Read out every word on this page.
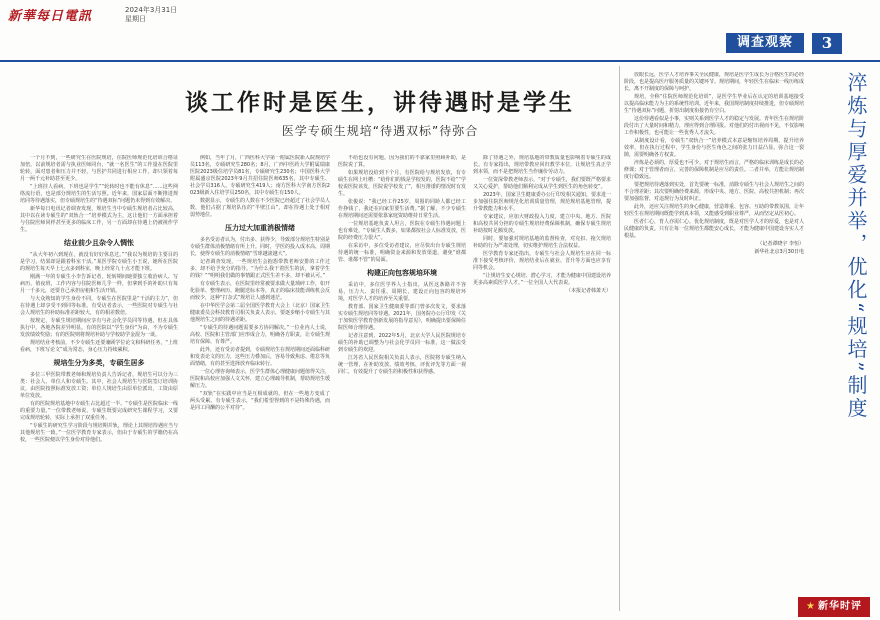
新華每日電訊	2024年3月31日
星期日
调查观察	3
谈工作时是医生，讲待遇时是学生
医学专硕生规培“待遇双标”待弥合

一个月不到，一些研究生在医院规培，住院医师规范化培训合格证加倍。以前规培者需与执业医师同台，“就一名医生”的工作量在医院里轮转，面对患者和压力并不轻，与医护共同进行相应工作，却只领着每月一两千元补助甚至更少。

“上班挂人看病，下班也是学生”“轮转时也不能有休息”……这些网络流行语，也是部分规培生的生活写照。近年来，国家层面不断推进规培同等待遇落实，但专硕规培生的“待遇双标”问题仍未得到有效解决。

新华每日电讯记者调查发现，规培生当中专硕生规培者占比较高，其中以在读专硕生的“双轨合一”培养模式为主，这让他们一方面承担着与住院医师同样甚至更多的临床工作，另一方面却在待遇上仍被视作学生。

结业前少且杂令人惆怅

“从大年初六到现在，就没有好好休息过。”“我以为规培的主要目的是学习，结果却是跟着科室干活。”某医学院专硕生小王说，她所在医院的规培生每天早上七点多到科室，晚上经常九十点才能下班。

刚满一年的专硕生小李告诉记者，轮转期间她要独立收治病人、写病历、值夜班，工作内容与住院医师几乎一样，但拿到手的补助只有每月一千多元，还要自己承担房租和生活开销。

与大众熟知的学生身份不同，专硕生在医院里是“干活的主力”，但在待遇上却享受不到同等标准。有受访者表示，一些医院对专硕生与社会人规培生的补助标准差距较大，有的相差数倍。

按规定，专硕生规培期间应享有与社会化学员同等待遇，但在具体执行中，各地各院差异明显。有的医院以“学生身份”为由，不为专硕生发放绩效奖励；有的医院则将规培补助与学校助学金混为一谈。

规培结业考核前，不少专硕生还要兼顾学位论文和科研任务，“上班看病，下班写论文”成为常态，身心压力持续累积。

规培生分为多类，专硕生居多

多位三甲医院带教老师和规培负责人告诉记者，规培生可以分为三类：社会人、单位人和专硕生。其中，社会人规培生与医院签订培训协议，由医院按照标准发放工资；单位人规培生由原单位派出，工资由原单位发放。

有的医院规培基地中专硕生占比超过一半。“专硕生是医院临床一线的重要力量。”一位带教老师说，专硕生既要完成研究生课程学习，又要完成规培轮转，实际上承担了双重任务。

“专硕生的研究生学习阶段与规培期并轨，理论上其规培待遇应当与其他规培生一致。”一位医学教育专家表示，但由于专硕生的学籍仍在高校，一些医院便以学生身份对待他们。

例如，当年了月，广西医科大学第一附属医院新入院规培学员113名，专硕研究生280名；8月，广西中医药大学附属瑞康医院2023级住培学员81名，专硕研究生230名；中国医科大学附属盛京医院2023年9月共招住院医师635名，其中专硕生、社会学员316人，专硕研究生419人；南方医科大学南方医院2023级新入住培学员250名，其中专硕生有150人。

数据显示，专硕生的人数在不少医院已经超过了社会学员人数，他们占据了规培队伍的“半壁江山”，却在待遇上处于相对弱势地位。

压力过大加重消极情绪

多名受访者认为，付出多、获得少，导致部分规培生特别是专硕生群体消极情绪有所上升。同时，学医的投入成本高、周期长，使得专硕生的消极情绪“雪球越滚越大”。

记者调查发现，一些规培生会抱怨带教老师安排的工作过多，却不给予充分的指导。“为什么我干着医生的活，拿着学生的钱？”“明明我们做的事情跟正式医生差不多，却不被认可。”

有专硕生表示，在医院里经常被要求做大量琐碎工作，如开化验单、整理病历、跑腿送标本等，真正的临床技能训练机会反而较少，这种“打杂式”规培让人感到迷茫。

在中华医学会第二届全国医学教育大会上（北京）国家卫生健康委员会科技教育司相关负责人表示，要逐步缩小专硕生与其他规培生之间的待遇差距。

“专硕生的待遇问题需要多方协同解决。”一位业内人士说，高校、医院和主管部门应形成合力，明确各方职责，让专硕生规培有保障、有尊严。

此外，还有受访者提到，专硕规培生在规培期间还面临科研和发表论文的压力，这些压力叠加后，容易导致焦虑、倦怠等负面情绪，有的甚至选择放弃临床转行。

一位心理咨询师表示，医学生群体心理健康问题值得关注，医院和高校应加强人文关怀，建立心理疏导机制，帮助规培生缓解压力。

“双轨”在实践中应当是互相成就的，但在一些地方变成了两头受累。有专硕生表示，“我们希望得到的不是特殊待遇，而是同工同酬的公平对待”。

不给也没有问题。因为我们的不靠家里照顾补助，是医院说了算。

如果规培没给到下个月，有医院给与规培发放，有专硕生在网上吐槽：“给你们的钱是学校发的，医院不给”“学校说医院该发，医院说学校发了”，相互推诿的情况时有发生。

张俊说：“我已经工作25岁，周围的同龄人都已经工作挣钱了，我还在向家里要生活费。”据了解，不少专硕生在规培期间还需要依靠家庭资助维持日常生活。

一位规培基地负责人坦言，医院在专硕生待遇问题上也有难处，“专硕生人数多，如果都按社会人标准发放，医院的经费压力很大”。

在采访中，多位受访者建议，应尽快出台专硕生规培待遇的统一标准，明确资金来源和发放渠道，避免“谁都管、谁都不管”的局面。

构建正向包容规培环境

采访中，多位医学界人士指出，从医这条路并不容易，压力大、责任重、周期长，建设正向包容的规培环境，对医学人才的培养至关重要。

教育部、国家卫生健康委等部门曾多次发文，要求落实专硕生规培同等待遇。2021年，国务院办公厅印发《关于加快医学教育创新发展的指导意见》，明确提出要保障住院医师合理待遇。

记者注意到，2022年5月，北京大学人民医院规培专硕生的补助已调整为与社会化学员同一标准，这一做法受到专硕生的欢迎。

江苏省人民医院相关负责人表示，医院将专硕生纳入统一管理，在补助发放、绩效考核、评优评先等方面一视同仁，有效提升了专硕生的积极性和获得感。

除了待遇之外，规培基地的带教质量也影响着专硕生的成长。有专家指出，规培带教应回归教学本位，让规培生真正学到本领，而不是把规培生当作廉价劳动力。

一位资深带教老师表示，“对于专硕生，我们要既严格要求又关心爱护，帮助他们顺利完成从学生到医生的角色转变”。

2023年，国家卫生健康委办公厅印发相关通知，要求进一步加强住院医师规范化培训质量管理，规范规培基地管理，提升带教能力和水平。

专家建议，应加大财政投入力度，建立中央、地方、医院和高校共同分担的专硕生规培经费保障机制，确保专硕生规培补助按时足额发放。

同时，要加强对规培基地的监督检查，对克扣、拖欠规培补助的行为严肃处理，切实维护规培生合法权益。

医学教育专家还指出，专硕生与社会人规培生应在同一标准下接受考核评价，规培结业后在就业、晋升等方面也应享有同等机会。

“让规培生安心规培、潜心学习，才能为健康中国建设培养更多高素质医学人才。”一位全国人大代表说。

（本报记者韩萧天）

放眼长远，医学人才培养事关全民健康，规培是医学生成长为合格医生的必经阶段，也是提高医疗服务质量的关键环节。规培期间，年轻医生在临床一线历练成长，离不开制度的保障与呵护。

规培，全称“住院医师规范化培训”，是医学生毕业后在认定的培训基地接受以提高临床能力为主的系统性培训。近年来，我国规培制度持续推进，但专硕规培生“待遇双标”问题，折射出制度衔接仍有空白。

这份待遇看似是小事，实则关系到医学人才的稳定与发展。青年医生在规培阶段付出了大量时间和精力，理应得到合理回报。对他们的付出视而不见，不仅影响工作积极性，也可能让一些优秀人才流失。

从制度设计看，专硕生“双轨合一”培养模式本意是缩短培养周期、提升培养效率，但在执行过程中，学生身份与医生角色之间的张力日益凸显。弥合这一裂隙，需要明确各方权责。

淬炼是必须的，厚爱也不可少。对于规培生而言，严格的临床训练是成长的必修课；对于管理者而言，完善的保障机制是应尽的责任。二者并举，方能让规培制度行稳致远。

要把规培待遇落到实处，首先要统一标准，消除专硕生与社会人规培生之间的不合理差距；其次要明确经费来源，形成中央、地方、医院、高校共担机制；再次要加强监督，对违规行为及时纠正。

此外，还应关注规培生的身心健康，营造尊重、包容、互助的带教氛围，让年轻医生在规培期间既能学到真本领，又能感受到职业尊严，从而坚定从医初心。

医者仁心，育人亦需仁心。优化规培制度，既是对医学人才的厚爱，也是对人民健康的负责。只有让每一位规培生都能安心成长，才能为健康中国建设夯实人才根基。

（记者谭晓宇 李恒）

新华社北京3月30日电	淬炼与厚爱并举，优化“规培”制度
★ 新华时评
